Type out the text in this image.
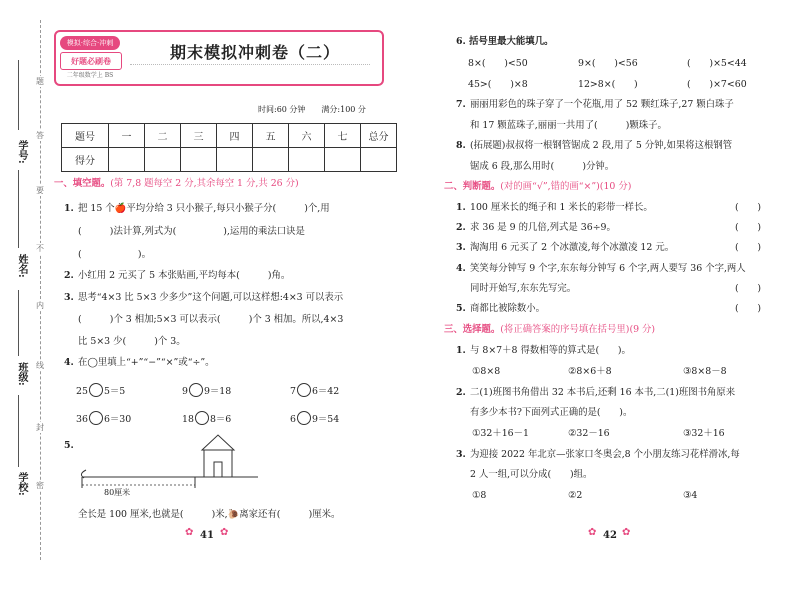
题
答
要
不
内
线
封
密
学号:
姓名:
班级:
学校:
模拟·综合·冲刺
好题必刷卷
二年级数学上 BS
期末模拟冲刺卷（二）
时间:60 分钟　　满分:100 分
题号	一	二	三	四	五	六	七	总分
得分								
一、填空题。(第 7,8 题每空 2 分,其余每空 1 分,共 26 分)
1. 把 15 个🍎平均分给 3 只小猴子,每只小猴子分(　　　)个,用
(　　　)法计算,列式为(　　　　　),运用的乘法口诀是
(　　　　　　)。
2. 小红用 2 元买了 5 本张贴画,平均每本(　　　)角。
3. 思考“4×3 比 5×3 少多少”这个问题,可以这样想:4×3 可以表示
(　　　)个 3 相加;5×3 可以表示(　　　)个 3 相加。所以,4×3
比 5×3 少(　　　)个 3。
4. 在◯里填上“+”“−”“×”或“÷”。
25 5＝5	9 9＝18	7 6＝42
36 6＝30	18 8＝6	6 9＝54
5.
80厘米
全长是 100 厘米,也就是(　　　)米,🐌离家还有(　　　)厘米。
✿ 41 ✿
6. 括号里最大能填几。
8×(　　)<50	9×(　　)<56	(　　)×5<44
45>(　　)×8	12>8×(　　)	(　　)×7<60
7. 丽丽用彩色的珠子穿了一个花瓶,用了 52 颗红珠子,27 颗白珠子
和 17 颗蓝珠子,丽丽一共用了(　　　)颗珠子。
8. (拓展题)叔叔将一根钢管锯成 2 段,用了 5 分钟,如果将这根钢管
锯成 6 段,那么用时(　　　)分钟。
二、判断题。(对的画“√”,错的画“×”)(10 分)
1. 100 厘米长的绳子和 1 米长的彩带一样长。	(　　)
2. 求 36 是 9 的几倍,列式是 36÷9。	(　　)
3. 淘淘用 6 元买了 2 个冰激凌,每个冰激凌 12 元。	(　　)
4. 笑笑每分钟写 9 个字,东东每分钟写 6 个字,两人要写 36 个字,两人
同时开始写,东东先写完。	(　　)
5. 商都比被除数小。	(　　)
三、选择题。(将正确答案的序号填在括号里)(9 分)
1. 与 8×7＋8 得数相等的算式是(　　)。
①8×8	②8×6＋8	③8×8－8
2. 二(1)班图书角借出 32 本书后,还剩 16 本书,二(1)班图书角原来
有多少本书?下面列式正确的是(　　)。
①32＋16－1	②32－16	③32＋16
3. 为迎接 2022 年北京—张家口冬奥会,8 个小朋友练习花样滑冰,每
2 人一组,可以分成(　　)组。
①8	②2	③4
✿ 42 ✿
